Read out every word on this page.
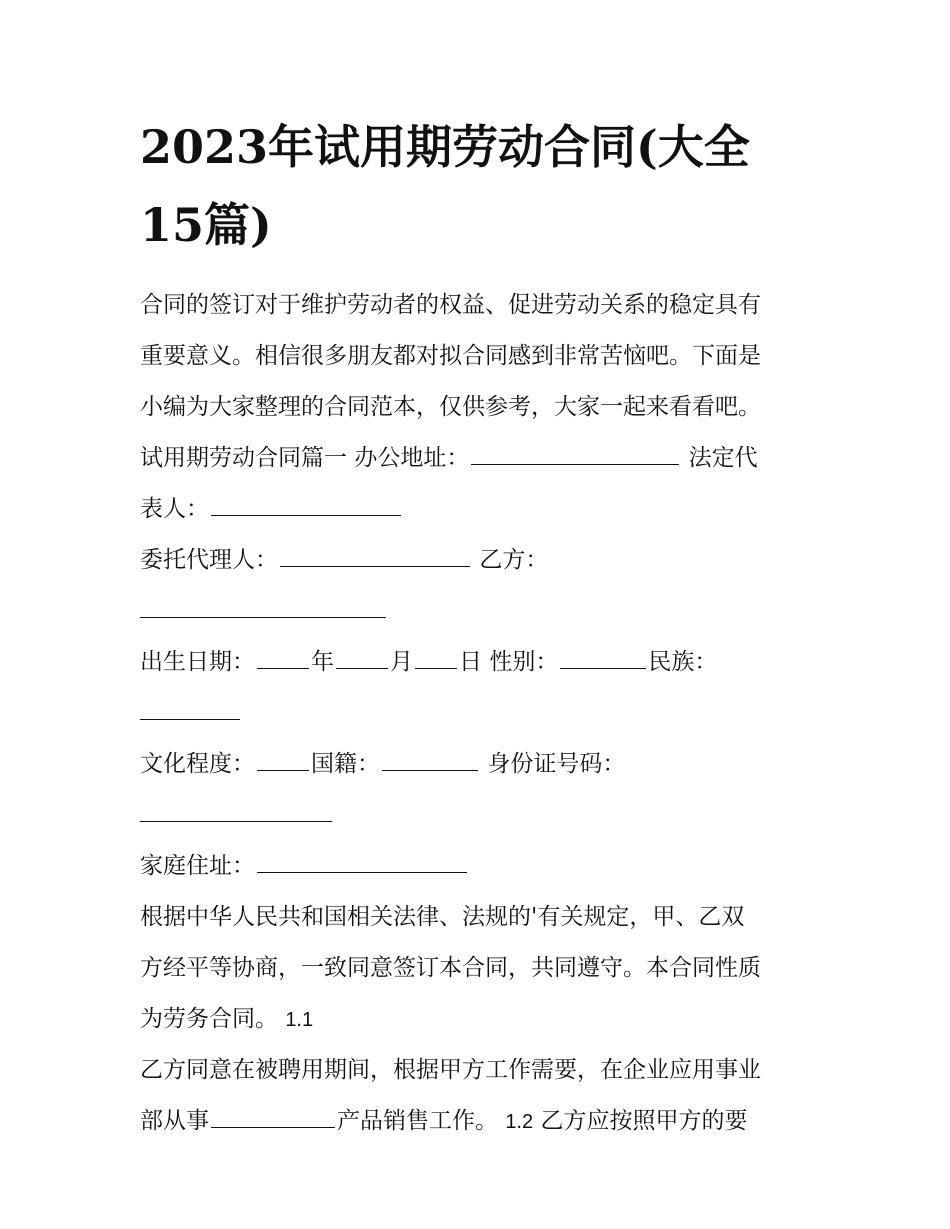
2023年试用期劳动合同(大全
15篇)

合同的签订对于维护劳动者的权益、促进劳动关系的稳定具有

重要意义。相信很多朋友都对拟合同感到非常苦恼吧。下面是

小编为大家整理的合同范本，仅供参考，大家一起来看看吧。

试用期劳动合同篇一 办公地址：	法定代

表人：

委托代理人：	乙方：

出生日期： 年 月 日 性别：	民族：

文化程度： 国籍：	身份证号码：

家庭住址：

根据中华人民共和国相关法律、法规的'有关规定，甲、乙双

方经平等协商，一致同意签订本合同，共同遵守。本合同性质

为劳务合同。 1.1

乙方同意在被聘用期间，根据甲方工作需要，在企业应用事业

部从事	产品销售工作。 1.2 乙方应按照甲方的要
